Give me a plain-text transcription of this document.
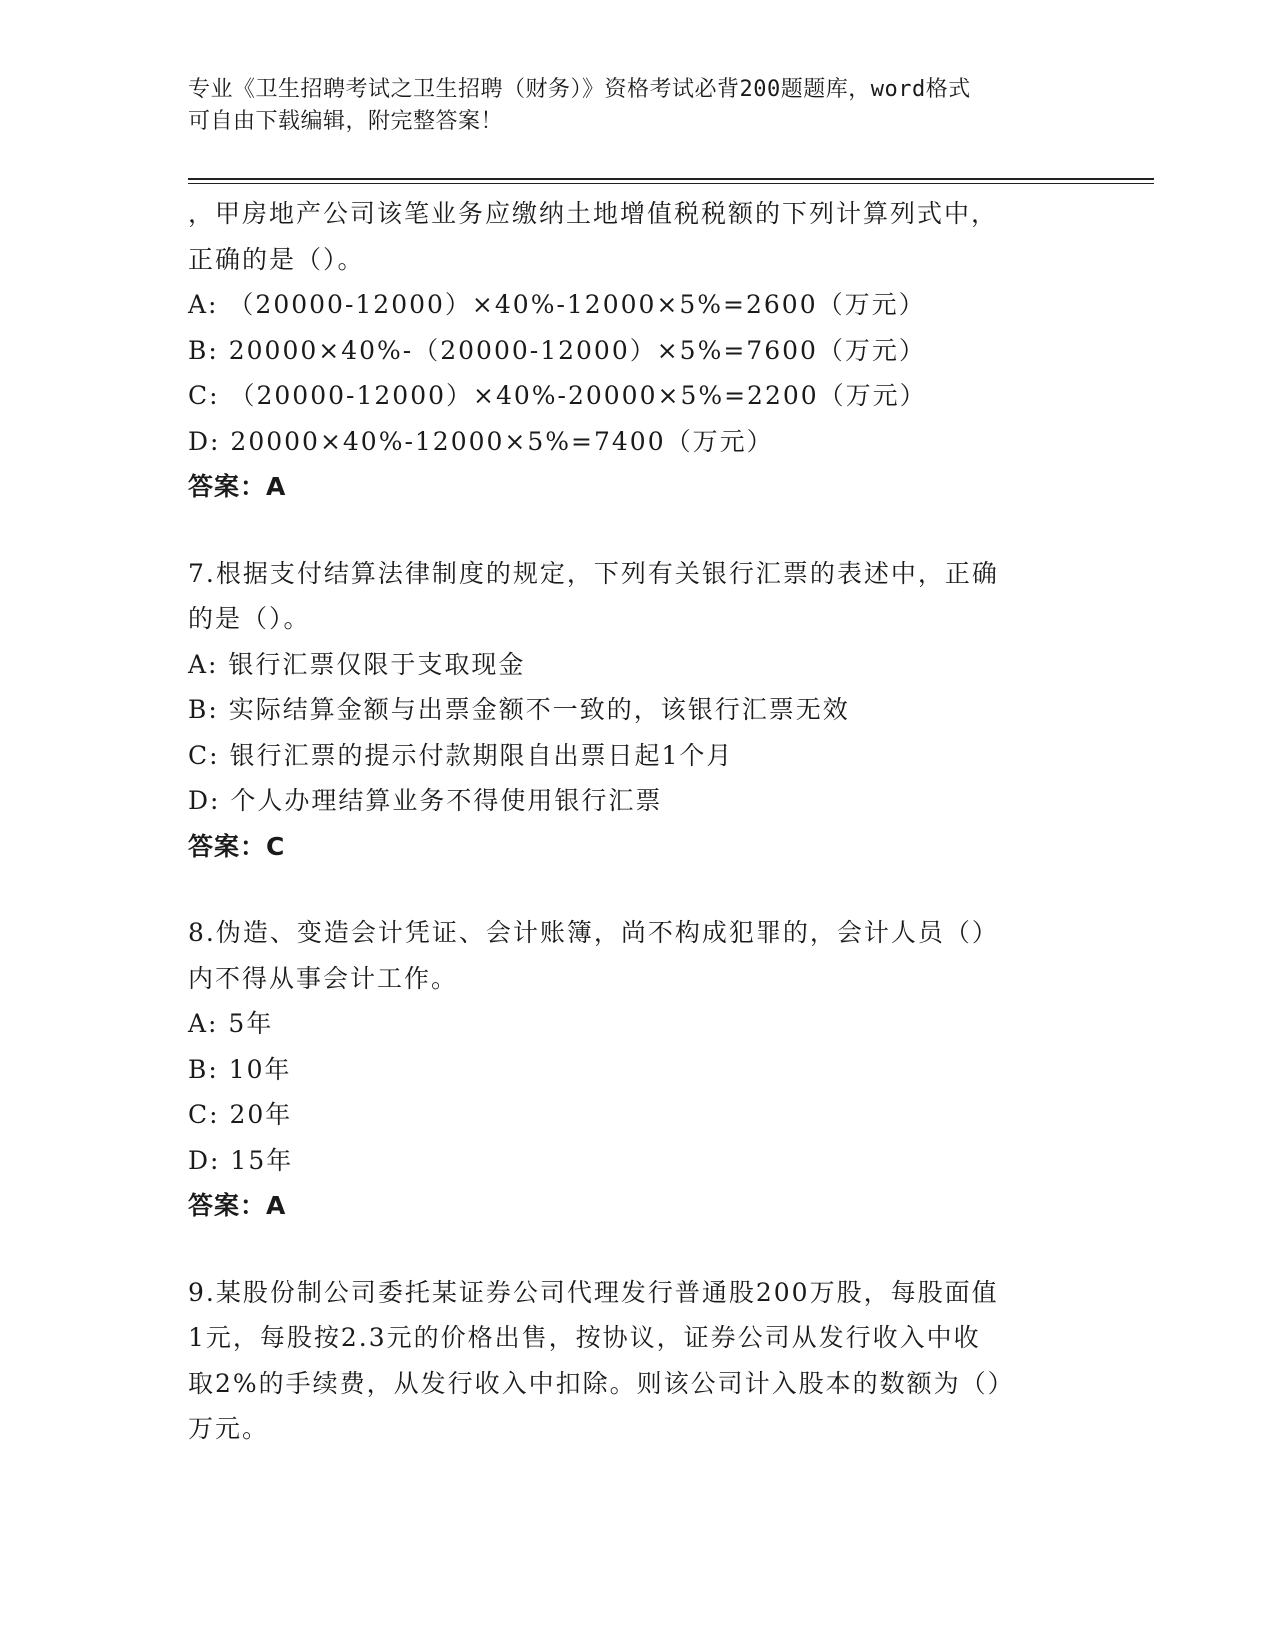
专业《卫生招聘考试之卫生招聘（财务）》资格考试必背200题题库，word格式
可自由下载编辑，附完整答案！
，甲房地产公司该笔业务应缴纳土地增值税税额的下列计算列式中，
正确的是（）。
A: （20000-12000）×40%-12000×5%=2600（万元）
B: 20000×40%-（20000-12000）×5%=7600（万元）
C: （20000-12000）×40%-20000×5%=2200（万元）
D: 20000×40%-12000×5%=7400（万元）
答案：A
7.根据支付结算法律制度的规定，下列有关银行汇票的表述中，正确
的是（）。
A: 银行汇票仅限于支取现金
B: 实际结算金额与出票金额不一致的，该银行汇票无效
C: 银行汇票的提示付款期限自出票日起1个月
D: 个人办理结算业务不得使用银行汇票
答案：C
8.伪造、变造会计凭证、会计账簿，尚不构成犯罪的，会计人员（）
内不得从事会计工作。
A: 5年
B: 10年
C: 20年
D: 15年
答案：A
9.某股份制公司委托某证券公司代理发行普通股200万股，每股面值
1元，每股按2.3元的价格出售，按协议，证券公司从发行收入中收
取2%的手续费，从发行收入中扣除。则该公司计入股本的数额为（）
万元。
